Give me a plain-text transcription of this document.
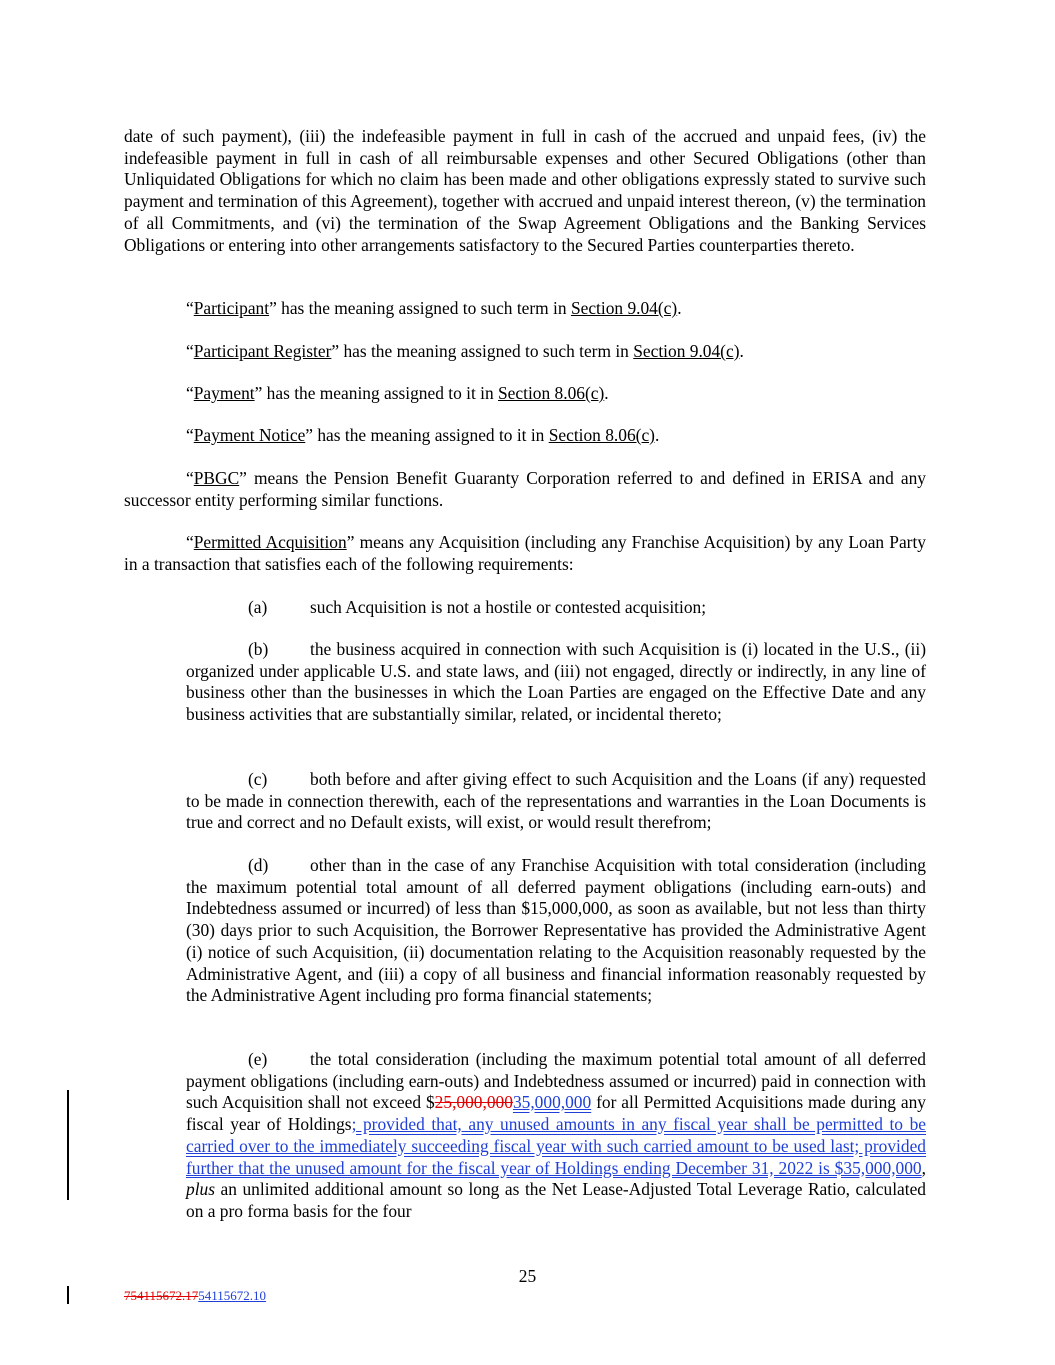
date of such payment), (iii) the indefeasible payment in full in cash of the accrued and unpaid fees, (iv) the indefeasible payment in full in cash of all reimbursable expenses and other Secured Obligations (other than Unliquidated Obligations for which no claim has been made and other obligations expressly stated to survive such payment and termination of this Agreement), together with accrued and unpaid interest thereon, (v) the termination of all Commitments, and (vi) the termination of the Swap Agreement Obligations and the Banking Services Obligations or entering into other arrangements satisfactory to the Secured Parties counterparties thereto.

“Participant” has the meaning assigned to such term in Section 9.04(c).

“Participant Register” has the meaning assigned to such term in Section 9.04(c).

“Payment” has the meaning assigned to it in Section 8.06(c).

“Payment Notice” has the meaning assigned to it in Section 8.06(c).

“PBGC” means the Pension Benefit Guaranty Corporation referred to and defined in ERISA and any successor entity performing similar functions.

“Permitted Acquisition” means any Acquisition (including any Franchise Acquisition) by any Loan Party in a transaction that satisfies each of the following requirements:

(a) such Acquisition is not a hostile or contested acquisition;

(b) the business acquired in connection with such Acquisition is (i) located in the U.S., (ii) organized under applicable U.S. and state laws, and (iii) not engaged, directly or indirectly, in any line of business other than the businesses in which the Loan Parties are engaged on the Effective Date and any business activities that are substantially similar, related, or incidental thereto;

(c) both before and after giving effect to such Acquisition and the Loans (if any) requested to be made in connection therewith, each of the representations and warranties in the Loan Documents is true and correct and no Default exists, will exist, or would result therefrom;

(d) other than in the case of any Franchise Acquisition with total consideration (including the maximum potential total amount of all deferred payment obligations (including earn-outs) and Indebtedness assumed or incurred) of less than $15,000,000, as soon as available, but not less than thirty (30) days prior to such Acquisition, the Borrower Representative has provided the Administrative Agent (i) notice of such Acquisition, (ii) documentation relating to the Acquisition reasonably requested by the Administrative Agent, and (iii) a copy of all business and financial information reasonably requested by the Administrative Agent including pro forma financial statements;

(e) the total consideration (including the maximum potential total amount of all deferred payment obligations (including earn-outs) and Indebtedness assumed or incurred) paid in connection with such Acquisition shall not exceed $25,000,00035,000,000 for all Permitted Acquisitions made during any fiscal year of Holdings; provided that, any unused amounts in any fiscal year shall be permitted to be carried over to the immediately succeeding fiscal year with such carried amount to be used last; provided further that the unused amount for the fiscal year of Holdings ending December 31, 2022 is $35,000,000, plus an unlimited additional amount so long as the Net Lease-Adjusted Total Leverage Ratio, calculated on a pro forma basis for the four

25
754115672.1754115672.10
